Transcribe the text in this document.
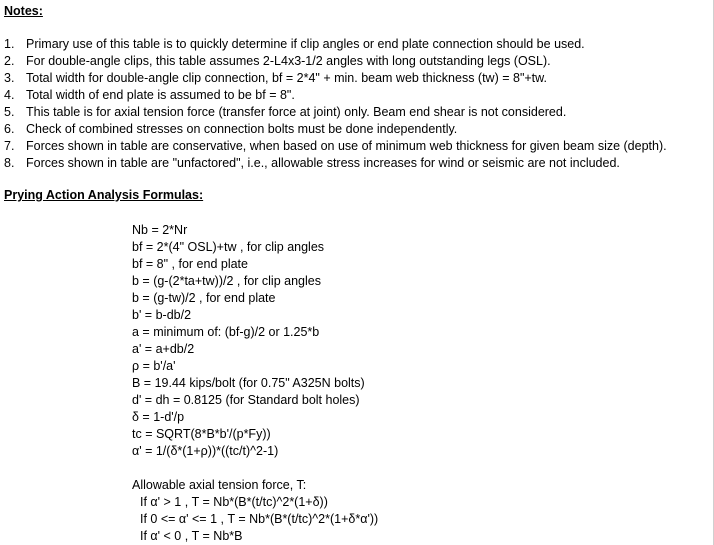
Notes:
1. Primary use of this table is to quickly determine if clip angles or end plate connection should be used.
2. For double-angle clips, this table assumes 2-L4x3-1/2 angles with long outstanding legs (OSL).
3. Total width for double-angle clip connection, bf = 2*4" + min. beam web thickness (tw) = 8"+tw.
4. Total width of end plate is assumed to be bf = 8".
5. This table is for axial tension force (transfer force at joint) only. Beam end shear is not considered.
6. Check of combined stresses on connection bolts must be done independently.
7. Forces shown in table are conservative, when based on use of minimum web thickness for given beam size (depth).
8. Forces shown in table are "unfactored", i.e., allowable stress increases for wind or seismic are not included.
Prying Action Analysis Formulas:
Nb = 2*Nr
bf = 2*(4" OSL)+tw , for clip angles
bf = 8" , for end plate
b = (g-(2*ta+tw))/2 , for clip angles
b = (g-tw)/2 , for end plate
b' = b-db/2
a = minimum of: (bf-g)/2 or 1.25*b
a' = a+db/2
ρ = b'/a'
B = 19.44 kips/bolt (for 0.75" A325N bolts)
d' = dh = 0.8125 (for Standard bolt holes)
δ = 1-d'/p
tc = SQRT(8*B*b'/(p*Fy))
α' = 1/(δ*(1+ρ))*((tc/t)^2-1)
Allowable axial tension force, T:
If α' > 1 , T = Nb*(B*(t/tc)^2*(1+δ))
If 0 <= α' <= 1 , T = Nb*(B*(t/tc)^2*(1+δ*α'))
If α' < 0 , T = Nb*B
